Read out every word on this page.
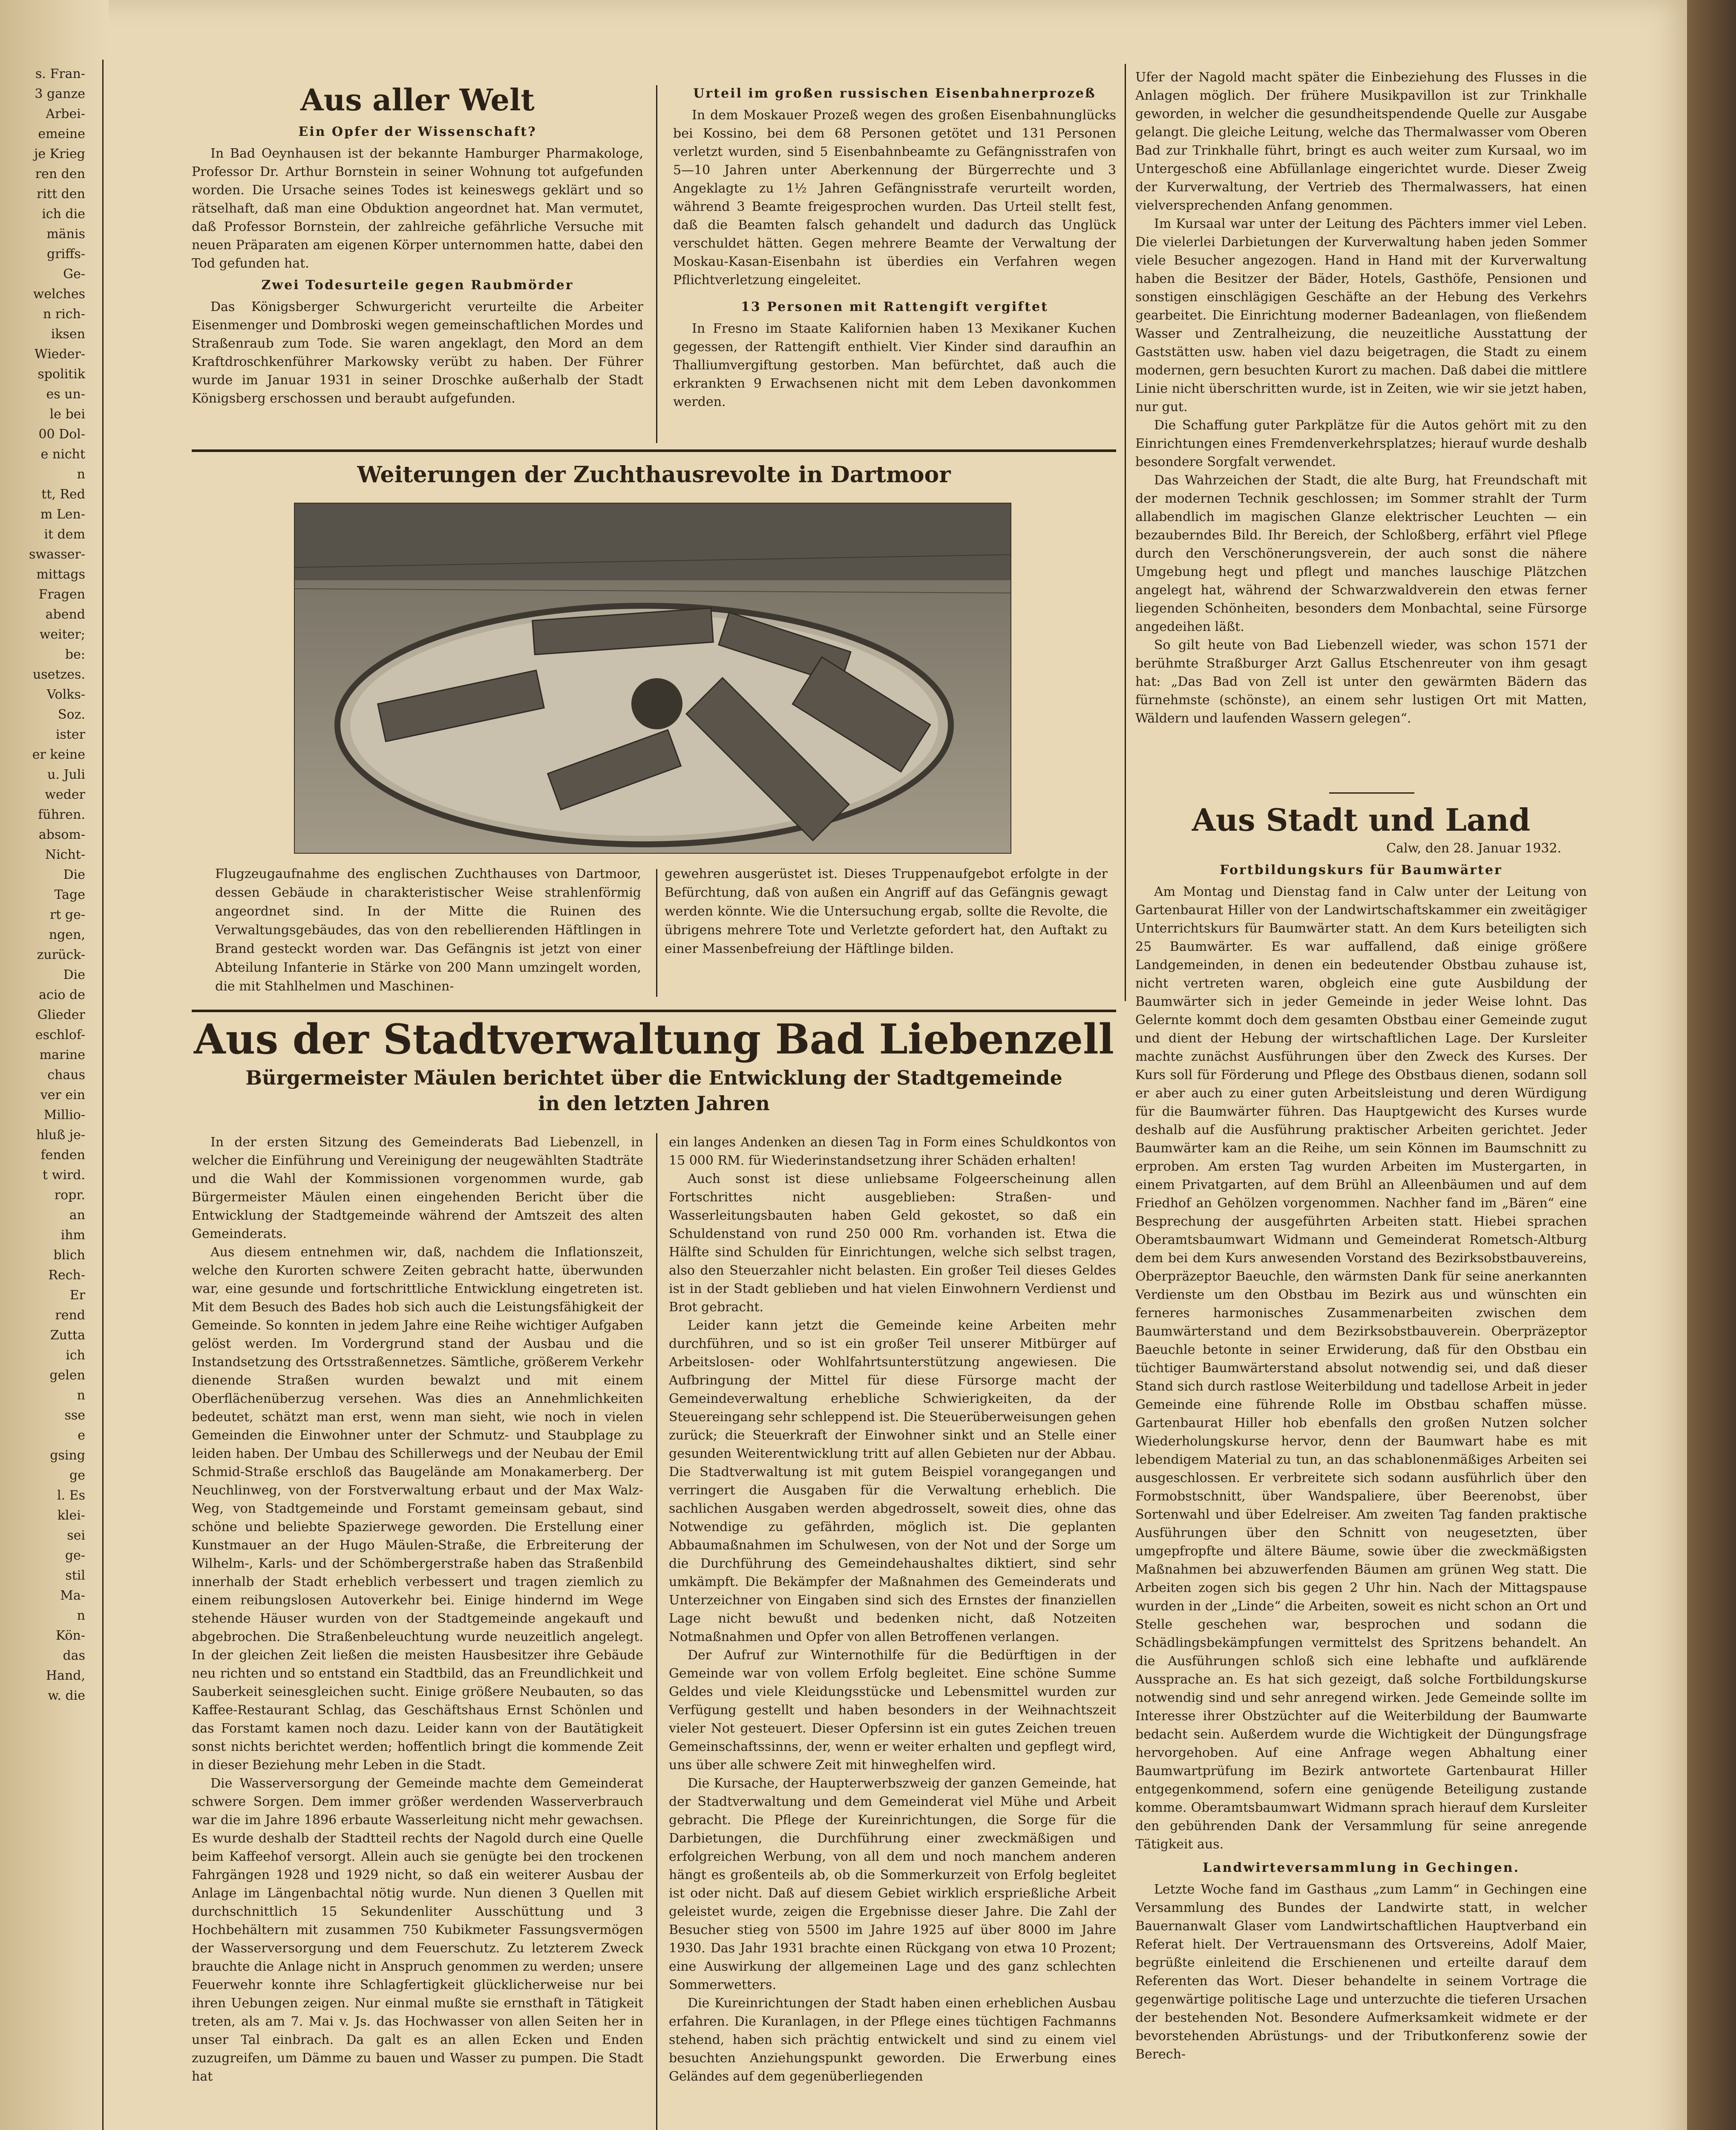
s. Fran-
3 ganze
Arbei-
emeine
je Krieg
ren den
ritt den
ich die
mänis
griffs-
Ge-
welches
n rich-
iksen
Wieder-
spolitik
es un-
le bei
00 Dol-
e nicht
n
tt, Red
m Len-
it dem
swasser-
mittags
Fragen
abend
weiter;
be:
usetzes.
Volks-
Soz.
ister
er keine
u. Juli
weder
führen.
absom-
Nicht-
Die
Tage
rt ge-
ngen,
zurück-
Die
acio de
Glieder
eschlof-
marine
chaus
ver ein
Millio-
hluß je-
fenden
t wird.
ropr.
an
ihm
blich
Rech-
Er
rend
Zutta
ich
gelen
n
sse
e
gsing
ge
l. Es
klei-
sei
ge-
stil
Ma-
n
Kön-
das
Hand,
w. die
Aus aller Welt
Ein Opfer der Wissenschaft?

In Bad Oeynhausen ist der bekannte Hamburger Pharmakologe, Professor Dr. Arthur Bornstein in seiner Wohnung tot aufgefunden worden. Die Ursache seines Todes ist keineswegs geklärt und so rätselhaft, daß man eine Obduktion angeordnet hat. Man vermutet, daß Professor Bornstein, der zahlreiche gefährliche Versuche mit neuen Präparaten am eigenen Körper unternommen hatte, dabei den Tod gefunden hat.

Zwei Todesurteile gegen Raubmörder

Das Königsberger Schwurgericht verurteilte die Arbeiter Eisenmenger und Dombroski wegen gemeinschaftlichen Mordes und Straßenraub zum Tode. Sie waren angeklagt, den Mord an dem Kraftdroschkenführer Markowsky verübt zu haben. Der Führer wurde im Januar 1931 in seiner Droschke außerhalb der Stadt Königsberg erschossen und beraubt aufgefunden.

Urteil im großen russischen Eisenbahnerprozeß

In dem Moskauer Prozeß wegen des großen Eisenbahnunglücks bei Kossino, bei dem 68 Personen getötet und 131 Personen verletzt wurden, sind 5 Eisenbahnbeamte zu Gefängnisstrafen von 5—10 Jahren unter Aberkennung der Bürgerrechte und 3 Angeklagte zu 1½ Jahren Gefängnisstrafe verurteilt worden, während 3 Beamte freigesprochen wurden. Das Urteil stellt fest, daß die Beamten falsch gehandelt und dadurch das Unglück verschuldet hätten. Gegen mehrere Beamte der Verwaltung der Moskau-Kasan-Eisenbahn ist überdies ein Verfahren wegen Pflichtverletzung eingeleitet.

13 Personen mit Rattengift vergiftet

In Fresno im Staate Kalifornien haben 13 Mexikaner Kuchen gegessen, der Rattengift enthielt. Vier Kinder sind daraufhin an Thalliumvergiftung gestorben. Man befürchtet, daß auch die erkrankten 9 Erwachsenen nicht mit dem Leben davonkommen werden.

Weiterungen der Zuchthausrevolte in Dartmoor

Flugzeugaufnahme des englischen Zuchthauses von Dartmoor, dessen Gebäude in charakteristischer Weise strahlenförmig angeordnet sind. In der Mitte die Ruinen des Verwaltungsgebäudes, das von den rebellierenden Häftlingen in Brand gesteckt worden war. Das Gefängnis ist jetzt von einer Abteilung Infanterie in Stärke von 200 Mann umzingelt worden, die mit Stahlhelmen und Maschinen-

gewehren ausgerüstet ist. Dieses Truppenaufgebot erfolgte in der Befürchtung, daß von außen ein Angriff auf das Gefängnis gewagt werden könnte. Wie die Untersuchung ergab, sollte die Revolte, die übrigens mehrere Tote und Verletzte gefordert hat, den Auftakt zu einer Massenbefreiung der Häftlinge bilden.

Aus der Stadtverwaltung Bad Liebenzell
Bürgermeister Mäulen berichtet über die Entwicklung der Stadtgemeinde
in den letzten Jahren

In der ersten Sitzung des Gemeinderats Bad Liebenzell, in welcher die Einführung und Vereinigung der neugewählten Stadträte und die Wahl der Kommissionen vorgenommen wurde, gab Bürgermeister Mäulen einen eingehenden Bericht über die Entwicklung der Stadtgemeinde während der Amtszeit des alten Gemeinderats.

Aus diesem entnehmen wir, daß, nachdem die Inflationszeit, welche den Kurorten schwere Zeiten gebracht hatte, überwunden war, eine gesunde und fortschrittliche Entwicklung eingetreten ist. Mit dem Besuch des Bades hob sich auch die Leistungsfähigkeit der Gemeinde. So konnten in jedem Jahre eine Reihe wichtiger Aufgaben gelöst werden. Im Vordergrund stand der Ausbau und die Instandsetzung des Ortsstraßennetzes. Sämtliche, größerem Verkehr dienende Straßen wurden bewalzt und mit einem Oberflächenüberzug versehen. Was dies an Annehmlichkeiten bedeutet, schätzt man erst, wenn man sieht, wie noch in vielen Gemeinden die Einwohner unter der Schmutz- und Staubplage zu leiden haben. Der Umbau des Schillerwegs und der Neubau der Emil Schmid-Straße erschloß das Baugelände am Monakamerberg. Der Neuchlinweg, von der Forstverwaltung erbaut und der Max Walz-Weg, von Stadtgemeinde und Forstamt gemeinsam gebaut, sind schöne und beliebte Spazierwege geworden. Die Erstellung einer Kunstmauer an der Hugo Mäulen-Straße, die Erbreiterung der Wilhelm-, Karls- und der Schömbergerstraße haben das Straßenbild innerhalb der Stadt erheblich verbessert und tragen ziemlich zu einem reibungslosen Autoverkehr bei. Einige hindernd im Wege stehende Häuser wurden von der Stadtgemeinde angekauft und abgebrochen. Die Straßenbeleuchtung wurde neuzeitlich angelegt. In der gleichen Zeit ließen die meisten Hausbesitzer ihre Gebäude neu richten und so entstand ein Stadtbild, das an Freundlichkeit und Sauberkeit seinesgleichen sucht. Einige größere Neubauten, so das Kaffee-Restaurant Schlag, das Geschäftshaus Ernst Schönlen und das Forstamt kamen noch dazu. Leider kann von der Bautätigkeit sonst nichts berichtet werden; hoffentlich bringt die kommende Zeit in dieser Beziehung mehr Leben in die Stadt.

Die Wasserversorgung der Gemeinde machte dem Gemeinderat schwere Sorgen. Dem immer größer werdenden Wasserverbrauch war die im Jahre 1896 erbaute Wasserleitung nicht mehr gewachsen. Es wurde deshalb der Stadtteil rechts der Nagold durch eine Quelle beim Kaffeehof versorgt. Allein auch sie genügte bei den trockenen Fahrgängen 1928 und 1929 nicht, so daß ein weiterer Ausbau der Anlage im Längenbachtal nötig wurde. Nun dienen 3 Quellen mit durchschnittlich 15 Sekundenliter Ausschüttung und 3 Hochbehältern mit zusammen 750 Kubikmeter Fassungsvermögen der Wasserversorgung und dem Feuerschutz. Zu letzterem Zweck brauchte die Anlage nicht in Anspruch genommen zu werden; unsere Feuerwehr konnte ihre Schlagfertigkeit glücklicherweise nur bei ihren Uebungen zeigen. Nur einmal mußte sie ernsthaft in Tätigkeit treten, als am 7. Mai v. Js. das Hochwasser von allen Seiten her in unser Tal einbrach. Da galt es an allen Ecken und Enden zuzugreifen, um Dämme zu bauen und Wasser zu pumpen. Die Stadt hat

ein langes Andenken an diesen Tag in Form eines Schuldkontos von 15 000 RM. für Wiederinstandsetzung ihrer Schäden erhalten!

Auch sonst ist diese unliebsame Folgeerscheinung allen Fortschrittes nicht ausgeblieben: Straßen- und Wasserleitungsbauten haben Geld gekostet, so daß ein Schuldenstand von rund 250 000 Rm. vorhanden ist. Etwa die Hälfte sind Schulden für Einrichtungen, welche sich selbst tragen, also den Steuerzahler nicht belasten. Ein großer Teil dieses Geldes ist in der Stadt geblieben und hat vielen Einwohnern Verdienst und Brot gebracht.

Leider kann jetzt die Gemeinde keine Arbeiten mehr durchführen, und so ist ein großer Teil unserer Mitbürger auf Arbeitslosen- oder Wohlfahrtsunterstützung angewiesen. Die Aufbringung der Mittel für diese Fürsorge macht der Gemeindeverwaltung erhebliche Schwierigkeiten, da der Steuereingang sehr schleppend ist. Die Steuerüberweisungen gehen zurück; die Steuerkraft der Einwohner sinkt und an Stelle einer gesunden Weiterentwicklung tritt auf allen Gebieten nur der Abbau. Die Stadtverwaltung ist mit gutem Beispiel vorangegangen und verringert die Ausgaben für die Verwaltung erheblich. Die sachlichen Ausgaben werden abgedrosselt, soweit dies, ohne das Notwendige zu gefährden, möglich ist. Die geplanten Abbaumaßnahmen im Schulwesen, von der Not und der Sorge um die Durchführung des Gemeindehaushaltes diktiert, sind sehr umkämpft. Die Bekämpfer der Maßnahmen des Gemeinderats und Unterzeichner von Eingaben sind sich des Ernstes der finanziellen Lage nicht bewußt und bedenken nicht, daß Notzeiten Notmaßnahmen und Opfer von allen Betroffenen verlangen.

Der Aufruf zur Winternothilfe für die Bedürftigen in der Gemeinde war von vollem Erfolg begleitet. Eine schöne Summe Geldes und viele Kleidungsstücke und Lebensmittel wurden zur Verfügung gestellt und haben besonders in der Weihnachtszeit vieler Not gesteuert. Dieser Opfersinn ist ein gutes Zeichen treuen Gemeinschaftssinns, der, wenn er weiter erhalten und gepflegt wird, uns über alle schwere Zeit mit hinweghelfen wird.

Die Kursache, der Haupterwerbszweig der ganzen Gemeinde, hat der Stadtverwaltung und dem Gemeinderat viel Mühe und Arbeit gebracht. Die Pflege der Kureinrichtungen, die Sorge für die Darbietungen, die Durchführung einer zweckmäßigen und erfolgreichen Werbung, von all dem und noch manchem anderen hängt es großenteils ab, ob die Sommerkurzeit von Erfolg begleitet ist oder nicht. Daß auf diesem Gebiet wirklich ersprießliche Arbeit geleistet wurde, zeigen die Ergebnisse dieser Jahre. Die Zahl der Besucher stieg von 5500 im Jahre 1925 auf über 8000 im Jahre 1930. Das Jahr 1931 brachte einen Rückgang von etwa 10 Prozent; eine Auswirkung der allgemeinen Lage und des ganz schlechten Sommerwetters.

Die Kureinrichtungen der Stadt haben einen erheblichen Ausbau erfahren. Die Kuranlagen, in der Pflege eines tüchtigen Fachmanns stehend, haben sich prächtig entwickelt und sind zu einem viel besuchten Anziehungspunkt geworden. Die Erwerbung eines Geländes auf dem gegenüberliegenden

Ufer der Nagold macht später die Einbeziehung des Flusses in die Anlagen möglich. Der frühere Musikpavillon ist zur Trinkhalle geworden, in welcher die gesundheitspendende Quelle zur Ausgabe gelangt. Die gleiche Leitung, welche das Thermalwasser vom Oberen Bad zur Trinkhalle führt, bringt es auch weiter zum Kursaal, wo im Untergeschoß eine Abfüllanlage eingerichtet wurde. Dieser Zweig der Kurverwaltung, der Vertrieb des Thermalwassers, hat einen vielversprechenden Anfang genommen.

Im Kursaal war unter der Leitung des Pächters immer viel Leben. Die vielerlei Darbietungen der Kurverwaltung haben jeden Sommer viele Besucher angezogen. Hand in Hand mit der Kurverwaltung haben die Besitzer der Bäder, Hotels, Gasthöfe, Pensionen und sonstigen einschlägigen Geschäfte an der Hebung des Verkehrs gearbeitet. Die Einrichtung moderner Badeanlagen, von fließendem Wasser und Zentralheizung, die neuzeitliche Ausstattung der Gaststätten usw. haben viel dazu beigetragen, die Stadt zu einem modernen, gern besuchten Kurort zu machen. Daß dabei die mittlere Linie nicht überschritten wurde, ist in Zeiten, wie wir sie jetzt haben, nur gut.

Die Schaffung guter Parkplätze für die Autos gehört mit zu den Einrichtungen eines Fremdenverkehrsplatzes; hierauf wurde deshalb besondere Sorgfalt verwendet.

Das Wahrzeichen der Stadt, die alte Burg, hat Freundschaft mit der modernen Technik geschlossen; im Sommer strahlt der Turm allabendlich im magischen Glanze elektrischer Leuchten — ein bezauberndes Bild. Ihr Bereich, der Schloßberg, erfährt viel Pflege durch den Verschönerungsverein, der auch sonst die nähere Umgebung hegt und pflegt und manches lauschige Plätzchen angelegt hat, während der Schwarzwaldverein den etwas ferner liegenden Schönheiten, besonders dem Monbachtal, seine Fürsorge angedeihen läßt.

So gilt heute von Bad Liebenzell wieder, was schon 1571 der berühmte Straßburger Arzt Gallus Etschenreuter von ihm gesagt hat: „Das Bad von Zell ist unter den gewärmten Bädern das fürnehmste (schönste), an einem sehr lustigen Ort mit Matten, Wäldern und laufenden Wassern gelegen“.

Aus Stadt und Land
Calw, den 28. Januar 1932.
Fortbildungskurs für Baumwärter

Am Montag und Dienstag fand in Calw unter der Leitung von Gartenbaurat Hiller von der Landwirtschaftskammer ein zweitägiger Unterrichtskurs für Baumwärter statt. An dem Kurs beteiligten sich 25 Baumwärter. Es war auffallend, daß einige größere Landgemeinden, in denen ein bedeutender Obstbau zuhause ist, nicht vertreten waren, obgleich eine gute Ausbildung der Baumwärter sich in jeder Gemeinde in jeder Weise lohnt. Das Gelernte kommt doch dem gesamten Obstbau einer Gemeinde zugut und dient der Hebung der wirtschaftlichen Lage. Der Kursleiter machte zunächst Ausführungen über den Zweck des Kurses. Der Kurs soll für Förderung und Pflege des Obstbaus dienen, sodann soll er aber auch zu einer guten Arbeitsleistung und deren Würdigung für die Baumwärter führen. Das Hauptgewicht des Kurses wurde deshalb auf die Ausführung praktischer Arbeiten gerichtet. Jeder Baumwärter kam an die Reihe, um sein Können im Baumschnitt zu erproben. Am ersten Tag wurden Arbeiten im Mustergarten, in einem Privatgarten, auf dem Brühl an Alleenbäumen und auf dem Friedhof an Gehölzen vorgenommen. Nachher fand im „Bären“ eine Besprechung der ausgeführten Arbeiten statt. Hiebei sprachen Oberamtsbaumwart Widmann und Gemeinderat Rometsch-Altburg dem bei dem Kurs anwesenden Vorstand des Bezirksobstbauvereins, Oberpräzeptor Baeuchle, den wärmsten Dank für seine anerkannten Verdienste um den Obstbau im Bezirk aus und wünschten ein ferneres harmonisches Zusammenarbeiten zwischen dem Baumwärterstand und dem Bezirksobstbauverein. Oberpräzeptor Baeuchle betonte in seiner Erwiderung, daß für den Obstbau ein tüchtiger Baumwärterstand absolut notwendig sei, und daß dieser Stand sich durch rastlose Weiterbildung und tadellose Arbeit in jeder Gemeinde eine führende Rolle im Obstbau schaffen müsse. Gartenbaurat Hiller hob ebenfalls den großen Nutzen solcher Wiederholungskurse hervor, denn der Baumwart habe es mit lebendigem Material zu tun, an das schablonenmäßiges Arbeiten sei ausgeschlossen. Er verbreitete sich sodann ausführlich über den Formobstschnitt, über Wandspaliere, über Beerenobst, über Sortenwahl und über Edelreiser. Am zweiten Tag fanden praktische Ausführungen über den Schnitt von neugesetzten, über umgepfropfte und ältere Bäume, sowie über die zweckmäßigsten Maßnahmen bei abzuwerfenden Bäumen am grünen Weg statt. Die Arbeiten zogen sich bis gegen 2 Uhr hin. Nach der Mittagspause wurden in der „Linde“ die Arbeiten, soweit es nicht schon an Ort und Stelle geschehen war, besprochen und sodann die Schädlingsbekämpfungen vermittelst des Spritzens behandelt. An die Ausführungen schloß sich eine lebhafte und aufklärende Aussprache an. Es hat sich gezeigt, daß solche Fortbildungskurse notwendig sind und sehr anregend wirken. Jede Gemeinde sollte im Interesse ihrer Obstzüchter auf die Weiterbildung der Baumwarte bedacht sein. Außerdem wurde die Wichtigkeit der Düngungsfrage hervorgehoben. Auf eine Anfrage wegen Abhaltung einer Baumwartprüfung im Bezirk antwortete Gartenbaurat Hiller entgegenkommend, sofern eine genügende Beteiligung zustande komme. Oberamtsbaumwart Widmann sprach hierauf dem Kursleiter den gebührenden Dank der Versammlung für seine anregende Tätigkeit aus.

Landwirteversammlung in Gechingen.

Letzte Woche fand im Gasthaus „zum Lamm“ in Gechingen eine Versammlung des Bundes der Landwirte statt, in welcher Bauernanwalt Glaser vom Landwirtschaftlichen Hauptverband ein Referat hielt. Der Vertrauensmann des Ortsvereins, Adolf Maier, begrüßte einleitend die Erschienenen und erteilte darauf dem Referenten das Wort. Dieser behandelte in seinem Vortrage die gegenwärtige politische Lage und unterzuchte die tieferen Ursachen der bestehenden Not. Besondere Aufmerksamkeit widmete er der bevorstehenden Abrüstungs- und der Tributkonferenz sowie der Berech-
